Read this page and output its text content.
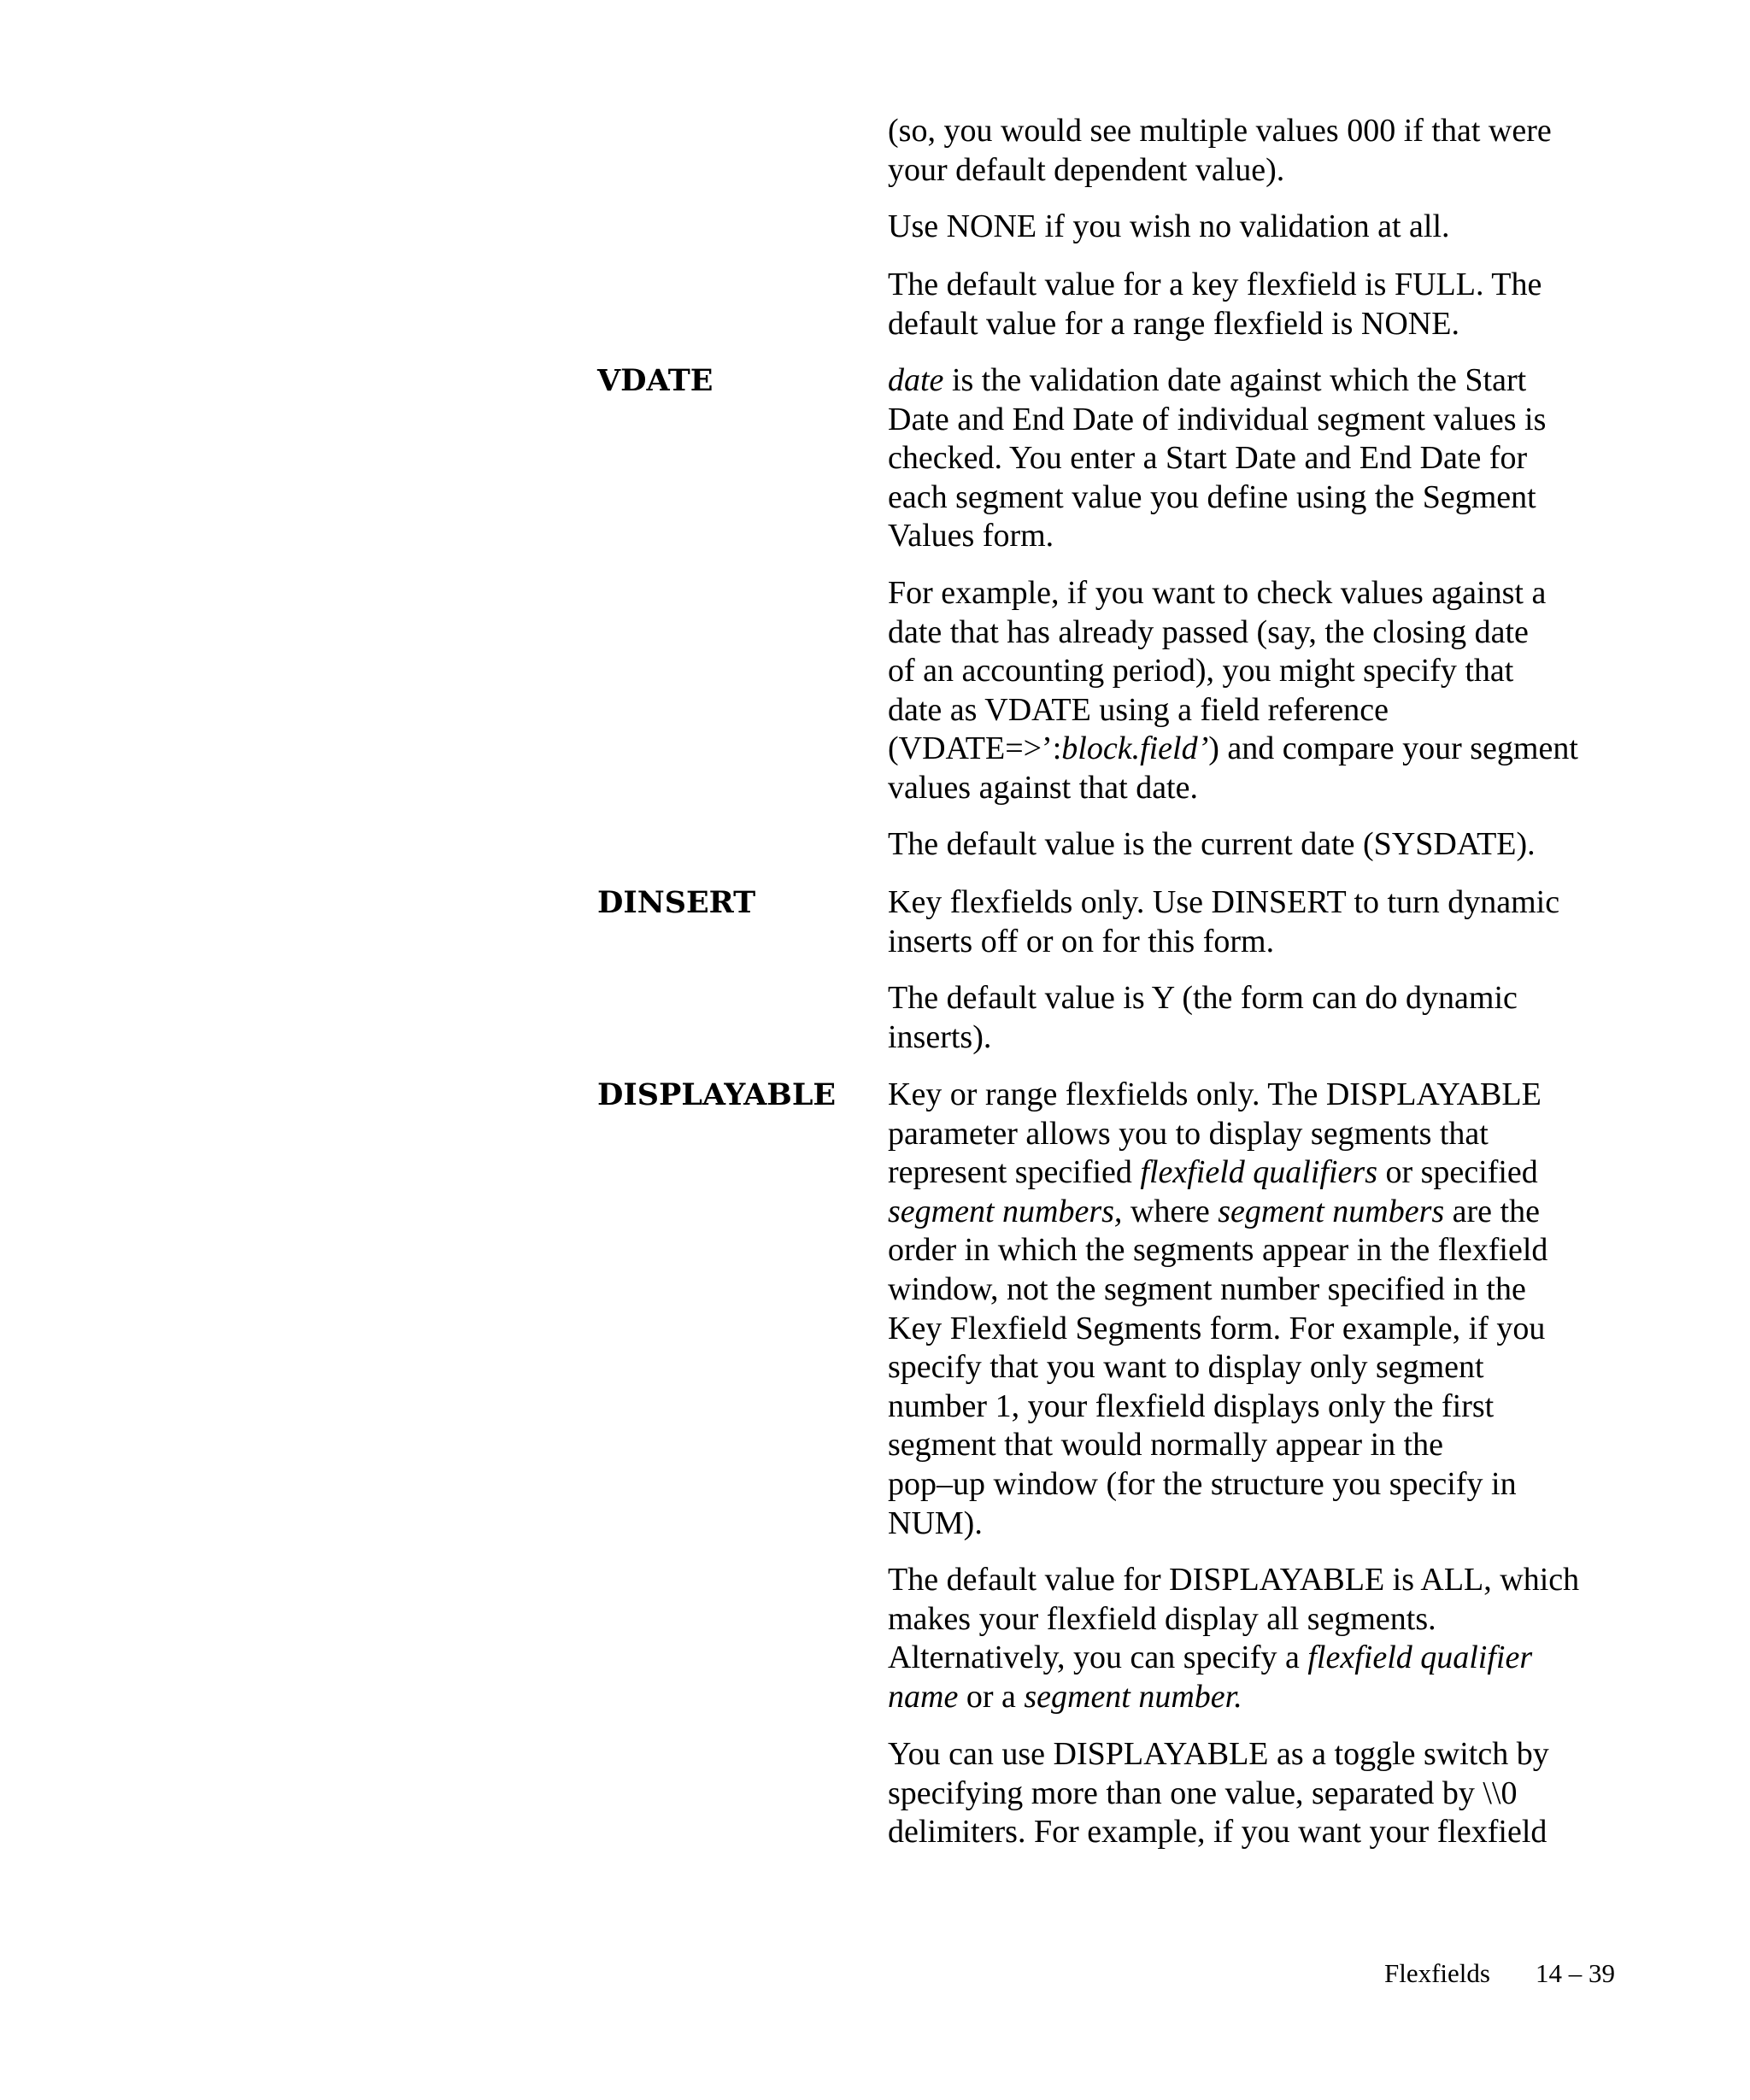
(so, you would see multiple values 000 if that were
your default dependent value).
Use NONE if you wish no validation at all.
The default value for a key flexfield is FULL. The
default value for a range flexfield is NONE.
VDATE	date is the validation date against which the Start
Date and End Date of individual segment values is
checked. You enter a Start Date and End Date for
each segment value you define using the Segment
Values form.
For example, if you want to check values against a
date that has already passed (say, the closing date
of an accounting period), you might specify that
date as VDATE using a field reference
(VDATE=>’:block.field’) and compare your segment
values against that date.
The default value is the current date (SYSDATE).
DINSERT	Key flexfields only. Use DINSERT to turn dynamic
inserts off or on for this form.
The default value is Y (the form can do dynamic
inserts).
DISPLAYABLE Key or range flexfields only. The DISPLAYABLE
parameter allows you to display segments that
represent specified flexfield qualifiers or specified
segment numbers, where segment numbers are the
order in which the segments appear in the flexfield
window, not the segment number specified in the
Key Flexfield Segments form. For example, if you
specify that you want to display only segment
number 1, your flexfield displays only the first
segment that would normally appear in the
pop–up window (for the structure you specify in
NUM).
The default value for DISPLAYABLE is ALL, which
makes your flexfield display all segments.
Alternatively, you can specify a flexfield qualifier
name or a segment number.
You can use DISPLAYABLE as a toggle switch by
specifying more than one value, separated by \\0
delimiters. For example, if you want your flexfield
Flexfields 14 – 39
